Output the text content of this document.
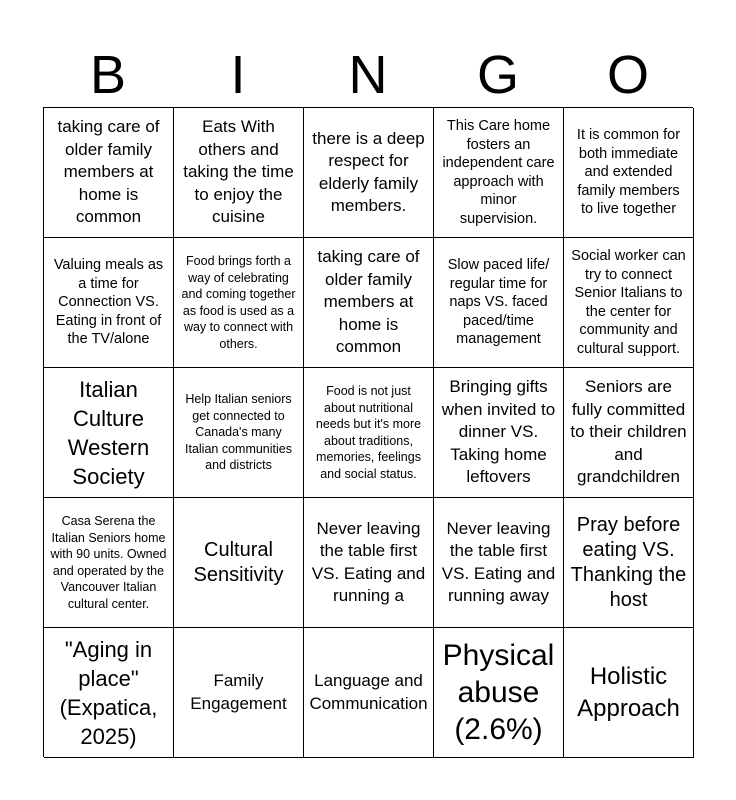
B	I	N	G	O
taking care of older family members at home is common
Eats With others and taking the time to enjoy the cuisine
there is a deep respect for elderly family members.
This Care home fosters an independent care approach with minor supervision.
It is common for both immediate and extended family members to live together
Valuing meals as a time for Connection VS. Eating in front of the TV/alone
Food brings forth a way of celebrating and coming together as food is used as a way to connect with others.
taking care of older family members at home is common
Slow paced life/ regular time for naps VS. faced paced/time management
Social worker can try to connect Senior Italians to the center for community and cultural support.
Italian Culture Western Society
Help Italian seniors get connected to Canada's many Italian communities and districts
Food is not just about nutritional needs but it's more about traditions, memories, feelings and social status.
Bringing gifts when invited to dinner VS. Taking home leftovers
Seniors are fully committed to their children and grandchildren
Casa Serena the Italian Seniors home with 90 units. Owned and operated by the Vancouver Italian cultural center.
Cultural Sensitivity
Never leaving the table first VS. Eating and running a
Never leaving the table first VS. Eating and running away
Pray before eating VS. Thanking the host
"Aging in place" (Expatica, 2025)
Family Engagement
Language and Communication
Physical abuse (2.6%)
Holistic Approach
